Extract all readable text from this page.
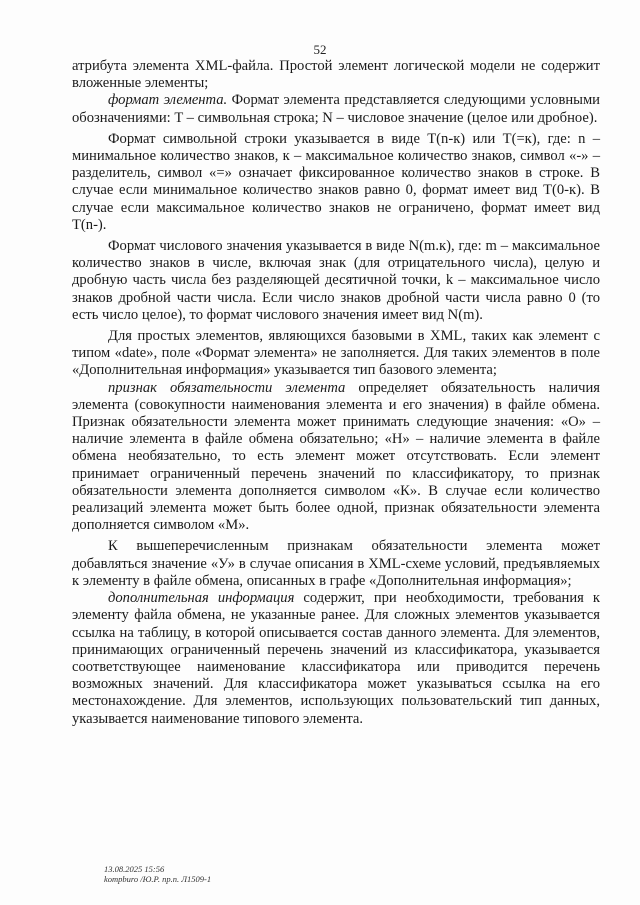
52

атрибута элемента XML-файла. Простой элемент логической модели не содержит вложенные элементы;

формат элемента. Формат элемента представляется следующими условными обозначениями: T – символьная строка; N – числовое значение (целое или дробное).

Формат символьной строки указывается в виде T(n-к) или T(=к), где: n – минимальное количество знаков, к – максимальное количество знаков, символ «-» – разделитель, символ «=» означает фиксированное количество знаков в строке. В случае если минимальное количество знаков равно 0, формат имеет вид T(0-к). В случае если максимальное количество знаков не ограничено, формат имеет вид T(n-).

Формат числового значения указывается в виде N(m.к), где: m – максимальное количество знаков в числе, включая знак (для отрицательного числа), целую и дробную часть числа без разделяющей десятичной точки, k – максимальное число знаков дробной части числа. Если число знаков дробной части числа равно 0 (то есть число целое), то формат числового значения имеет вид N(m).

Для простых элементов, являющихся базовыми в XML, таких как элемент с типом «date», поле «Формат элемента» не заполняется. Для таких элементов в поле «Дополнительная информация» указывается тип базового элемента;

признак обязательности элемента определяет обязательность наличия элемента (совокупности наименования элемента и его значения) в файле обмена. Признак обязательности элемента может принимать следующие значения: «О» – наличие элемента в файле обмена обязательно; «Н» – наличие элемента в файле обмена необязательно, то есть элемент может отсутствовать. Если элемент принимает ограниченный перечень значений по классификатору, то признак обязательности элемента дополняется символом «К». В случае если количество реализаций элемента может быть более одной, признак обязательности элемента дополняется символом «М».

К вышеперечисленным признакам обязательности элемента может добавляться значение «У» в случае описания в XML-схеме условий, предъявляемых к элементу в файле обмена, описанных в графе «Дополнительная информация»;

дополнительная информация содержит, при необходимости, требования к элементу файла обмена, не указанные ранее. Для сложных элементов указывается ссылка на таблицу, в которой описывается состав данного элемента. Для элементов, принимающих ограниченный перечень значений из классификатора, указывается соответствующее наименование классификатора или приводится перечень возможных значений. Для классификатора может указываться ссылка на его местонахождение. Для элементов, использующих пользовательский тип данных, указывается наименование типового элемента.

13.08.2025 15:56
kompburo /Ю.Р. пр.п. Л1509-1
